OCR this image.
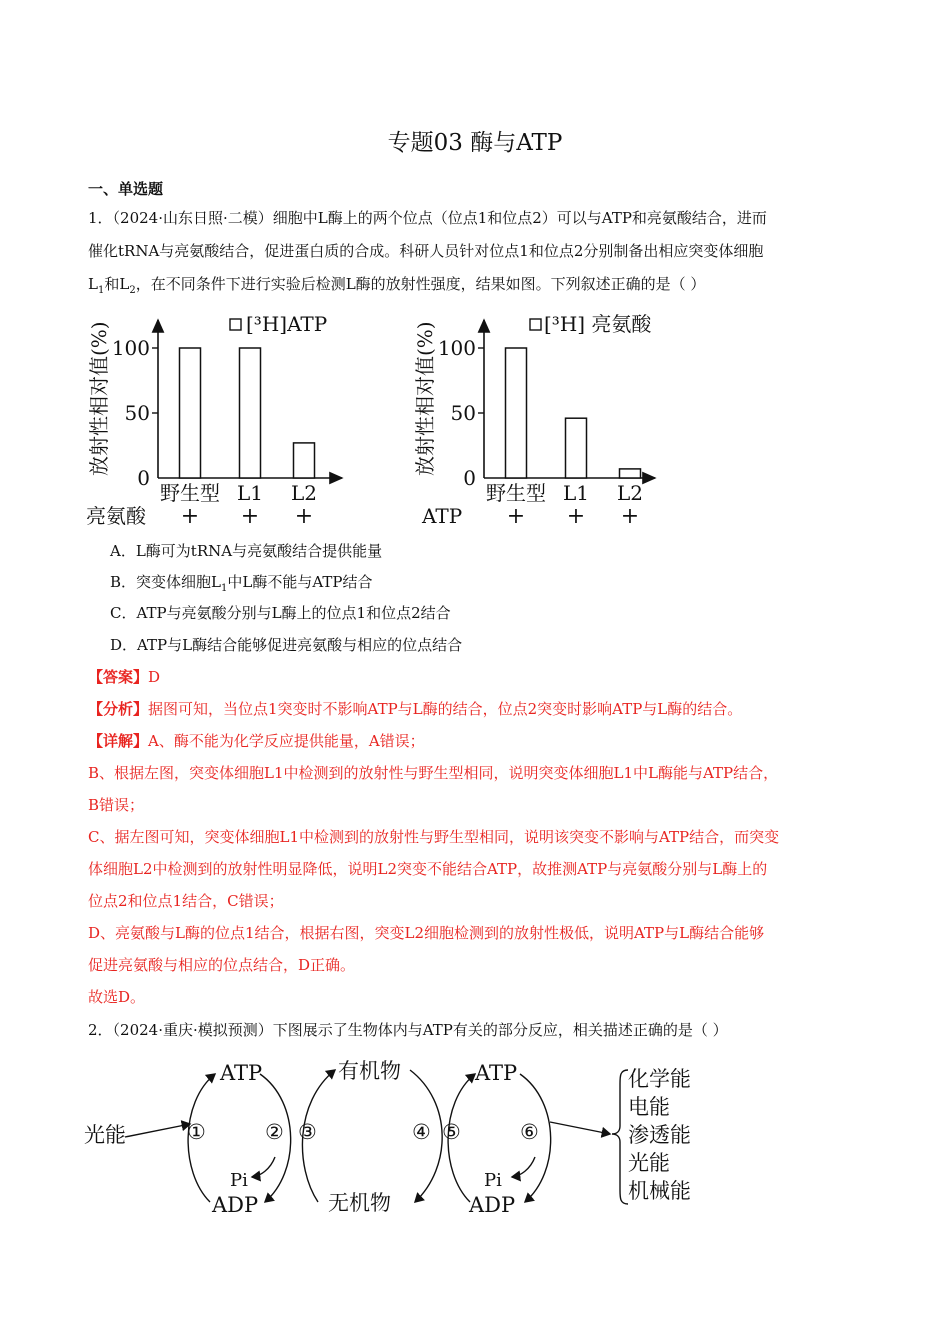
专题03 酶与ATP
一、单选题
1．（2024·山东日照·二模）细胞中L酶上的两个位点（位点1和位点2）可以与ATP和亮氨酸结合，进而
催化tRNA与亮氨酸结合，促进蛋白质的合成。科研人员针对位点1和位点2分别制备出相应突变体细胞
$L_1$和$L_2$，在不同条件下进行实验后检测L酶的放射性强度，结果如图。下列叙述正确的是（ ）
0
50
100
放射性相对值(%)
野生型
+
L1
+
L2
+
亮氨酸
[³H]ATP
0
50
100
放射性相对值(%)
野生型
+
L1
+
L2
+
ATP
[³H] 亮氨酸
A．L酶可为tRNA与亮氨酸结合提供能量
B．突变体细胞$L_1$中L酶不能与ATP结合
C．ATP与亮氨酸分别与L酶上的位点1和位点2结合
D．ATP与L酶结合能够促进亮氨酸与相应的位点结合
【答案】D
【分析】据图可知，当位点1突变时不影响ATP与L酶的结合，位点2突变时影响ATP与L酶的结合。
【详解】A、酶不能为化学反应提供能量，A错误；
B、根据左图，突变体细胞L1中检测到的放射性与野生型相同，说明突变体细胞L1中L酶能与ATP结合，
B错误；
C、据左图可知，突变体细胞L1中检测到的放射性与野生型相同，说明该突变不影响与ATP结合，而突变
体细胞L2中检测到的放射性明显降低，说明L2突变不能结合ATP，故推测ATP与亮氨酸分别与L酶上的
位点2和位点1结合，C错误；
D、亮氨酸与L酶的位点1结合，根据右图，突变L2细胞检测到的放射性极低，说明ATP与L酶结合能够
促进亮氨酸与相应的位点结合，D正确。
故选D。
2．（2024·重庆·模拟预测）下图展示了生物体内与ATP有关的部分反应，相关描述正确的是（ ）
光能
ATP
ADP
Pi
①	② ③
有机物
无机物
④ ⑤
ATP
ADP
Pi
⑥
化学能
电能
渗透能
光能
机械能
